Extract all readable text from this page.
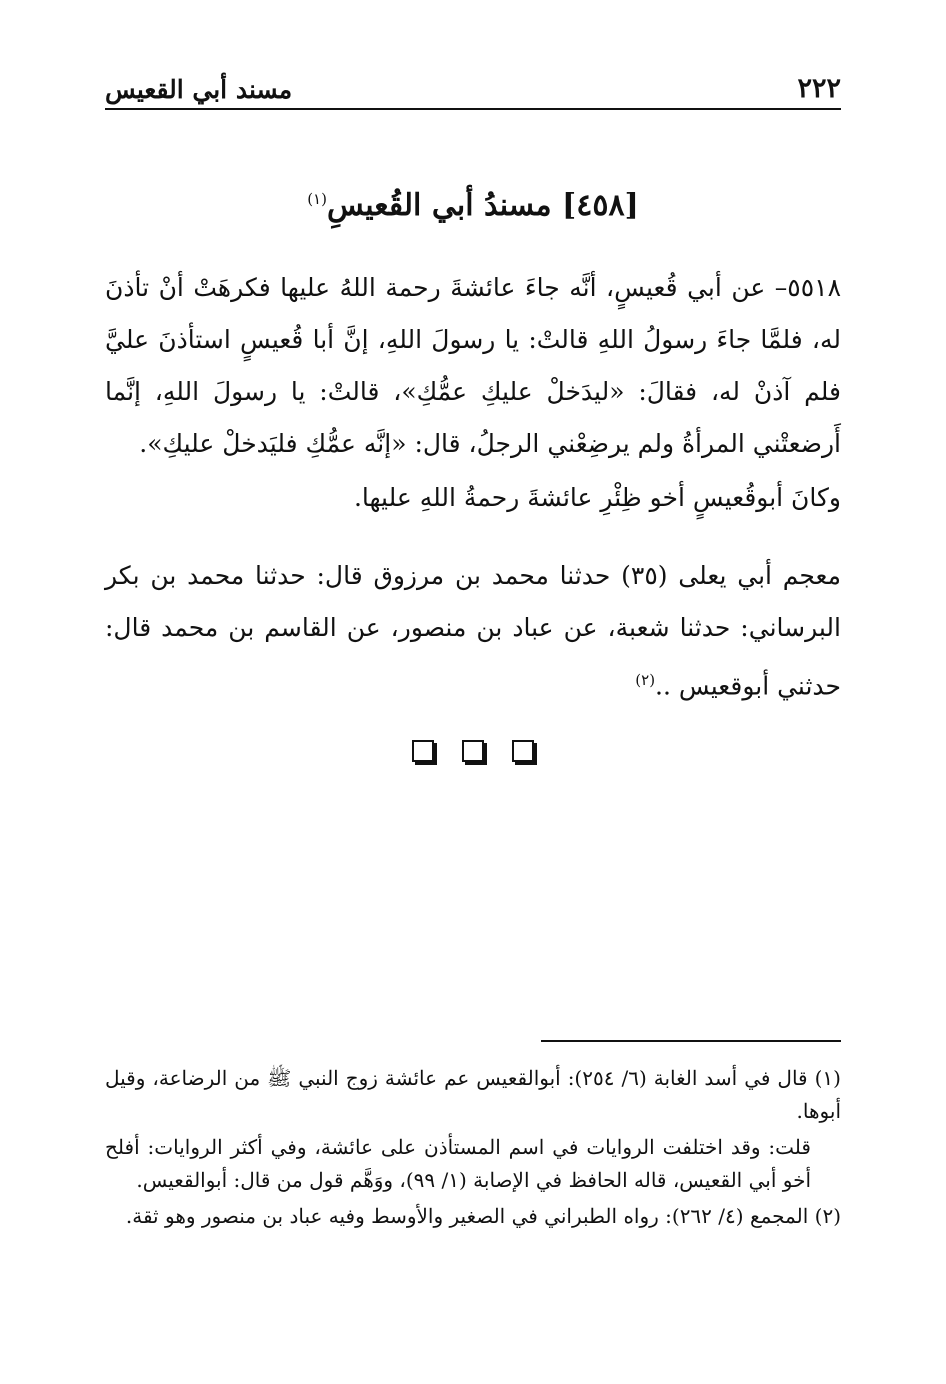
٢٢٢
مسند أبي القعيس
[٤٥٨] مسندُ أبي القُعيسِ$^{(١)}$
٥٥١٨– عن أبي قُعيسٍ، أنَّه جاءَ عائشةَ رحمة اللهُ عليها فكرهَتْ أنْ تأذنَ له، فلمَّا جاءَ رسولُ اللهِ قالتْ: يا رسولَ اللهِ، إنَّ أبا قُعيسٍ استأذنَ عليَّ فلم آذنْ له، فقالَ: «ليدَخلْ عليكِ عمُّكِ»، قالتْ: يا رسولَ اللهِ، إنَّما أَرضعتْني المرأةُ ولم يرضِعْني الرجلُ، قال: «إنَّه عمُّكِ فليَدخلْ عليكِ».
وكانَ أبوقُعيسٍ أخو ظِئْرِ عائشةَ رحمةُ اللهِ عليها.
معجم أبي يعلى (٣٥) حدثنا محمد بن مرزوق قال: حدثنا محمد بن بكر البرساني: حدثنا شعبة، عن عباد بن منصور، عن القاسم بن محمد قال: حدثني أبوقعيس ..$^{(٢)}$

(١) قال في أسد الغابة (٦/ ٢٥٤): أبوالقعيس عم عائشة زوج النبي ﷺ من الرضاعة، وقيل أبوها.

قلت: وقد اختلفت الروايات في اسم المستأذن على عائشة، وفي أكثر الروايات: أفلح أخو أبي القعيس، قاله الحافظ في الإصابة (١/ ٩٩)، ووَهَّم قول من قال: أبوالقعيس.

(٢) المجمع (٤/ ٢٦٢): رواه الطبراني في الصغير والأوسط وفيه عباد بن منصور وهو ثقة.
